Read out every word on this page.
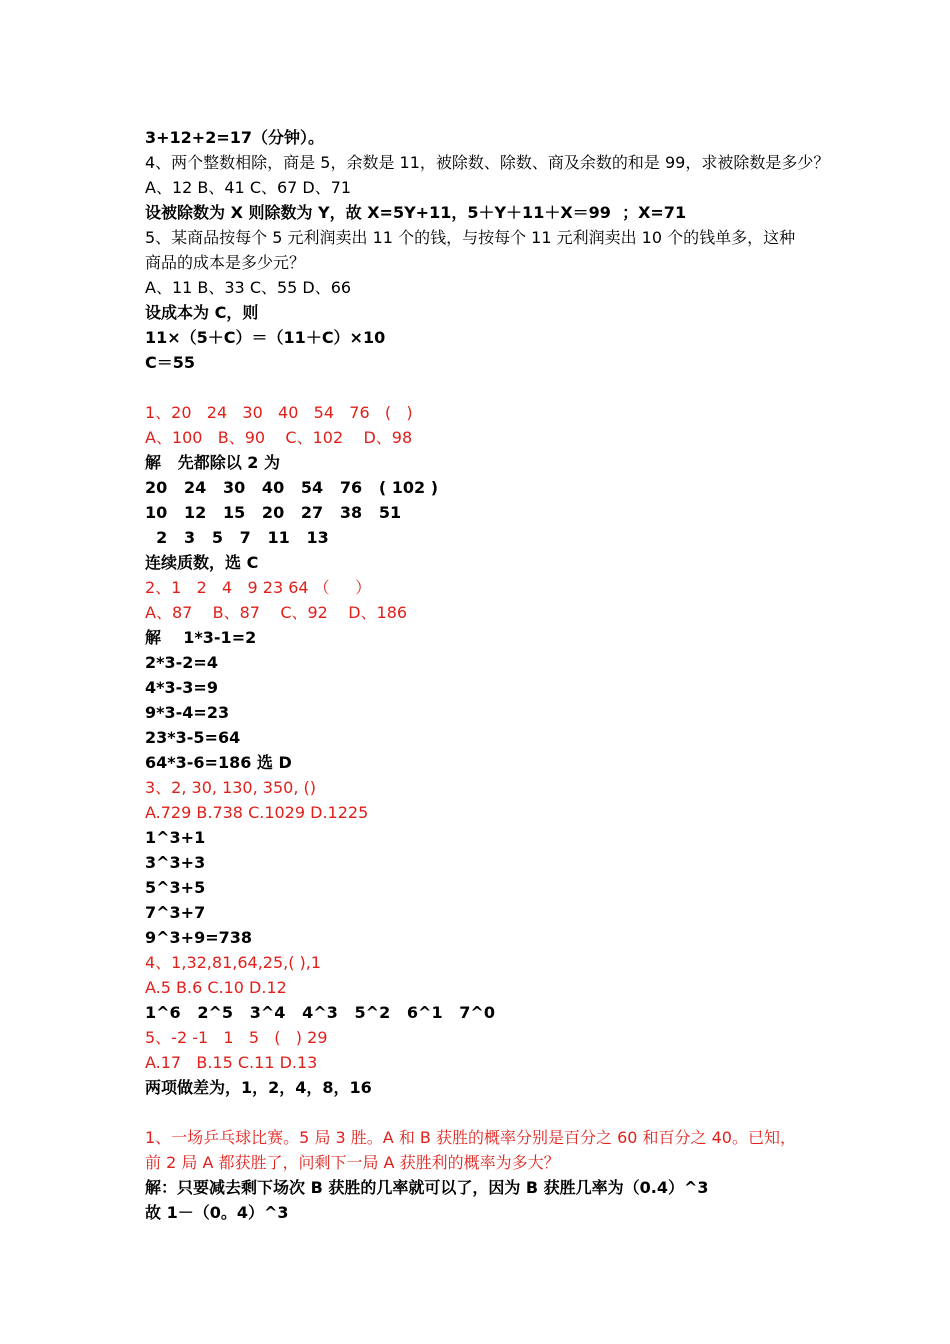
3+12+2=17（分钟）。
4、两个整数相除，商是 5，余数是 11，被除数、除数、商及余数的和是 99，求被除数是多少？
A、12 B、41 C、67 D、71
设被除数为 X 则除数为 Y，故 X=5Y+11，5＋Y＋11＋X＝99  ；X=71
5、某商品按每个 5 元利润卖出 11 个的钱，与按每个 11 元利润卖出 10 个的钱单多，这种商品的成本是多少元？
A、11 B、33 C、55 D、66
设成本为 C，则
11×（5＋C）＝（11＋C）×10
C＝55
1、20   24   30   40   54   76   (   )
A、100   B、90    C、102    D、98
解   先都除以 2 为
20   24   30   40   54   76   ( 102 )
10   12   15   20   27   38   51
2   3   5   7   11   13
连续质数，选 C
2、1   2   4   9 23 64 （     ）
A、87    B、87    C、92    D、186
解    1*3-1=2
2*3-2=4
4*3-3=9
9*3-4=23
23*3-5=64
64*3-6=186 选 D
3、2, 30, 130, 350, ()
A.729 B.738 C.1029 D.1225
1^3+1
3^3+3
5^3+5
7^3+7
9^3+9=738
4、1,32,81,64,25,( ),1
A.5 B.6 C.10 D.12
1^6   2^5   3^4   4^3   5^2   6^1   7^0
5、-2 -1   1   5   (   ) 29
A.17   B.15 C.11 D.13
两项做差为，1，2，4，8，16
1、一场乒乓球比赛。5 局 3 胜。A 和 B 获胜的概率分别是百分之 60 和百分之 40。已知，前 2 局 A 都获胜了，问剩下一局 A 获胜利的概率为多大？
解：只要减去剩下场次 B 获胜的几率就可以了，因为 B 获胜几率为（0.4）^3
故 1－（0。4）^3
